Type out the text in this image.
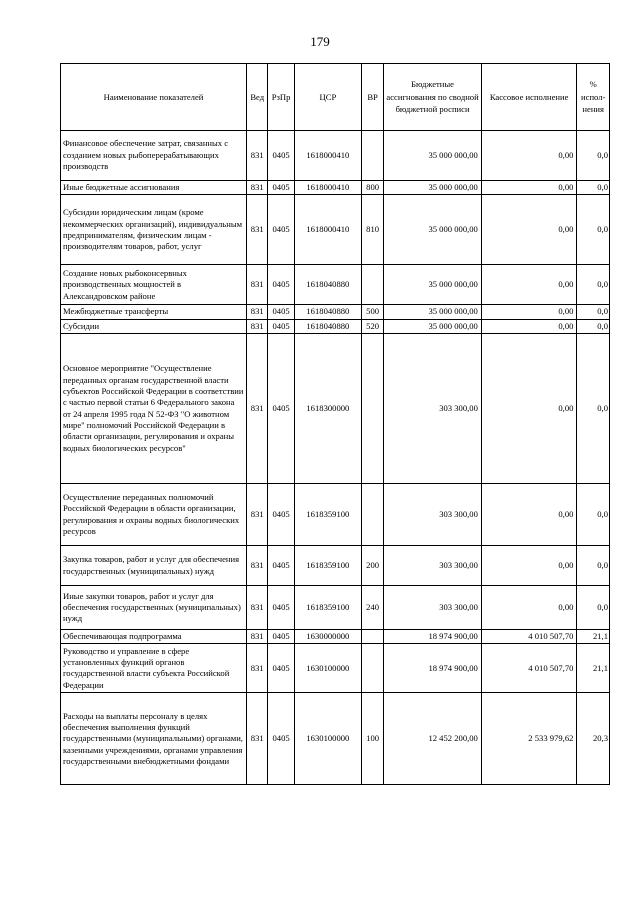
179
Наименование показателей	Вед	РзПр	ЦСР	ВР	Бюджетные ассигнования по сводной бюджетной росписи	Кассовое исполнение	% испол- нения
Финансовое обеспечение затрат, связанных с созданием новых рыбоперерабатывающих производств	831	0405	1618000410		35 000 000,00	0,00	0,0
Иные бюджетные ассигнования	831	0405	1618000410	800	35 000 000,00	0,00	0,0
Субсидии юридическим лицам (кроме некоммерческих организаций), индивидуальным предпринимателям, физическим лицам - производителям товаров, работ, услуг	831	0405	1618000410	810	35 000 000,00	0,00	0,0
Создание новых рыбоконсервных производственных мощностей в Александровском районе	831	0405	1618040880		35 000 000,00	0,00	0,0
Межбюджетные трансферты	831	0405	1618040880	500	35 000 000,00	0,00	0,0
Субсидии	831	0405	1618040880	520	35 000 000,00	0,00	0,0
Основное мероприятие "Осуществление переданных органам государственной власти субъектов Российской Федерации в соответствии с частью первой статьи 6 Федерального закона от 24 апреля 1995 года N 52-ФЗ "О животном мире" полномочий Российской Федерации в области организации, регулирования и охраны водных биологических ресурсов"	831	0405	1618300000		303 300,00	0,00	0,0
Осуществление переданных полномочий Российской Федерации в области организации, регулирования и охраны водных биологических ресурсов	831	0405	1618359100		303 300,00	0,00	0,0
Закупка товаров, работ и услуг для обеспечения государственных (муниципальных) нужд	831	0405	1618359100	200	303 300,00	0,00	0,0
Иные закупки товаров, работ и услуг для обеспечения государственных (муниципальных) нужд	831	0405	1618359100	240	303 300,00	0,00	0,0
Обеспечивающая подпрограмма	831	0405	1630000000		18 974 900,00	4 010 507,70	21,1
Руководство и управление в сфере установленных функций органов государственной власти субъекта Российской Федерации	831	0405	1630100000		18 974 900,00	4 010 507,70	21,1
Расходы на выплаты персоналу в целях обеспечения выполнения функций государственными (муниципальными) органами, казенными учреждениями, органами управления государственными внебюджетными фондами	831	0405	1630100000	100	12 452 200,00	2 533 979,62	20,3
